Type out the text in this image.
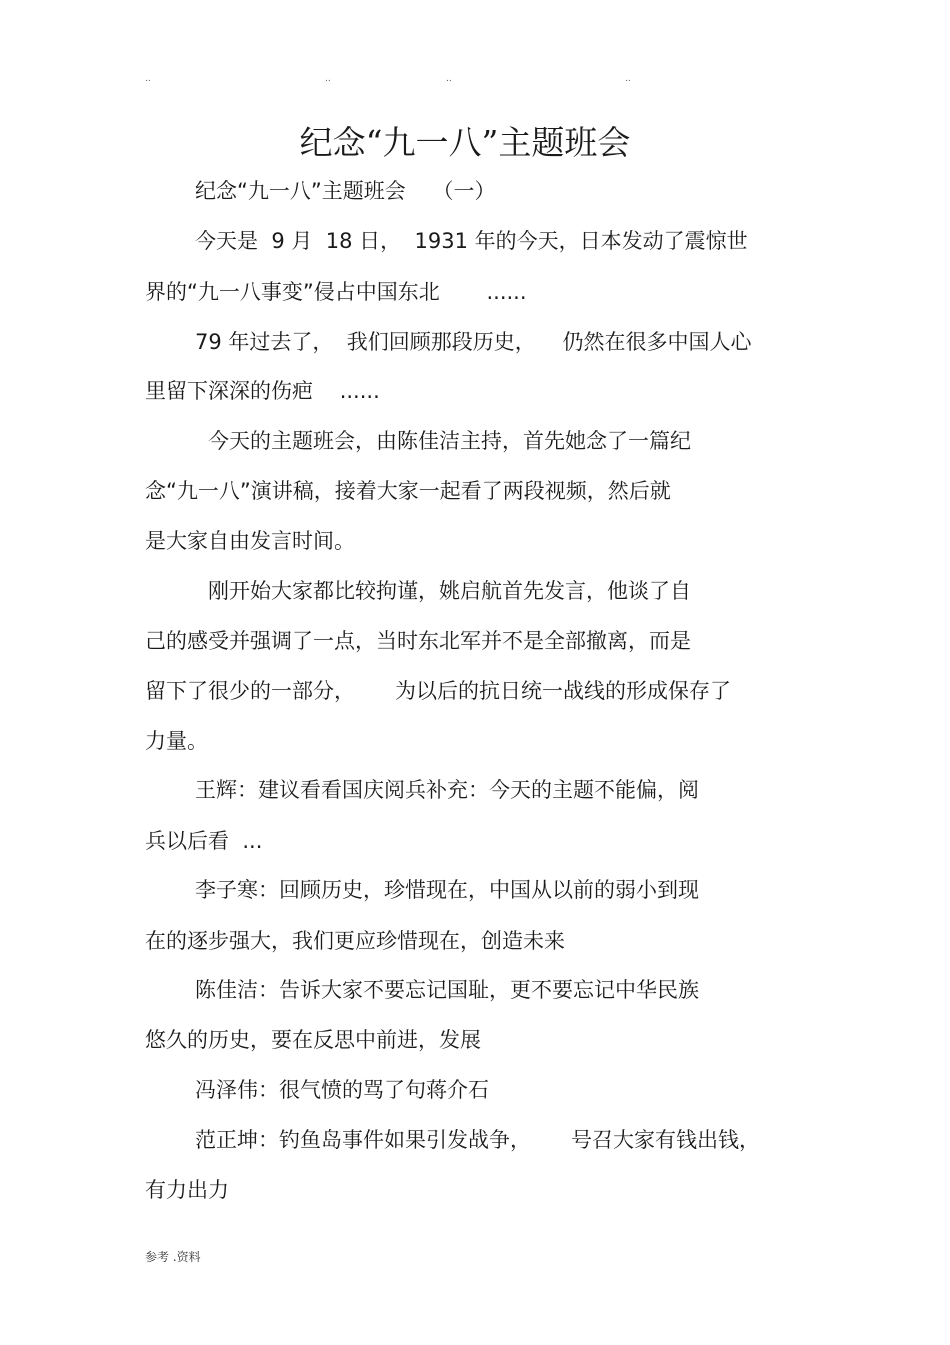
..	..	..	..
纪念“九一八”主题班会
纪念“九一八”主题班会    （一）
今天是  9 月  18 日，  1931 年的今天，日本发动了震惊世
界的“九一八事变”侵占中国东北       ......
79 年过去了，  我们回顾那段历史，    仍然在很多中国人心
里留下深深的伤疤    ......
今天的主题班会，由陈佳洁主持，首先她念了一篇纪
念“九一八”演讲稿，接着大家一起看了两段视频，然后就
是大家自由发言时间。
刚开始大家都比较拘谨，姚启航首先发言，他谈了自
己的感受并强调了一点，当时东北军并不是全部撤离，而是
留下了很少的一部分，      为以后的抗日统一战线的形成保存了
力量。
王辉：建议看看国庆阅兵补充：今天的主题不能偏，阅
兵以后看  ...
李子寒：回顾历史，珍惜现在，中国从以前的弱小到现
在的逐步强大，我们更应珍惜现在，创造未来
陈佳洁：告诉大家不要忘记国耻，更不要忘记中华民族
悠久的历史，要在反思中前进，发展
冯泽伟：很气愤的骂了句蒋介石
范正坤：钓鱼岛事件如果引发战争，      号召大家有钱出钱，
有力出力
参考 .资料
